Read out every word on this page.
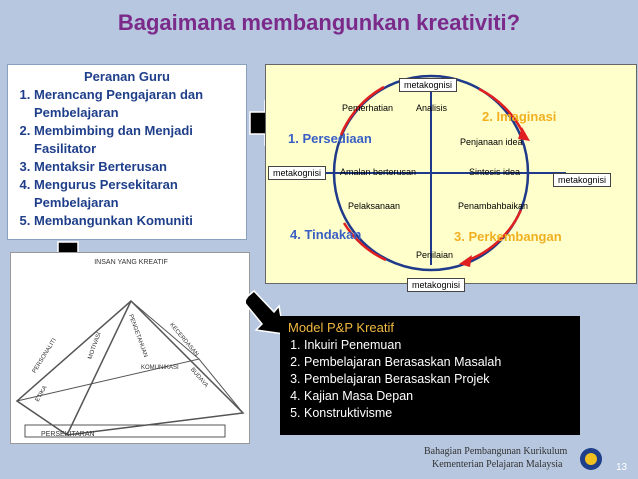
Bagaimana membangunkan kreativiti?
Peranan Guru
1. Merancang Pengajaran dan Pembelajaran
2. Membimbing dan Menjadi Fasilitator
3. Mentaksir Berterusan
4. Mengurus Persekitaran Pembelajaran
5. Membangunkan Komuniti
metakognisi
metakognisi
metakognisi
metakognisi
Pemerhatian	Analisis
Penjanaan idea
Amalan berterusan	Sintesis idea
Pelaksanaan	Penambahbaikan
Penilaian
1. Persediaan
2. Imaginasi
3. Perkembangan
4. Tindakan
INSAN YANG KREATIF
PERSEKITARAN
PERSONALITI	MOTIVASI	PENGETAHUAN	KECERDASAN
ETIKA
KOMUNIKASI BUDAYA
Model P&P Kreatif
1. Inkuiri Penemuan
2. Pembelajaran Berasaskan Masalah
3. Pembelajaran Berasaskan Projek
4. Kajian Masa Depan
5. Konstruktivisme
Bahagian Pembangunan Kurikulum
Kementerian Pelajaran Malaysia	13
